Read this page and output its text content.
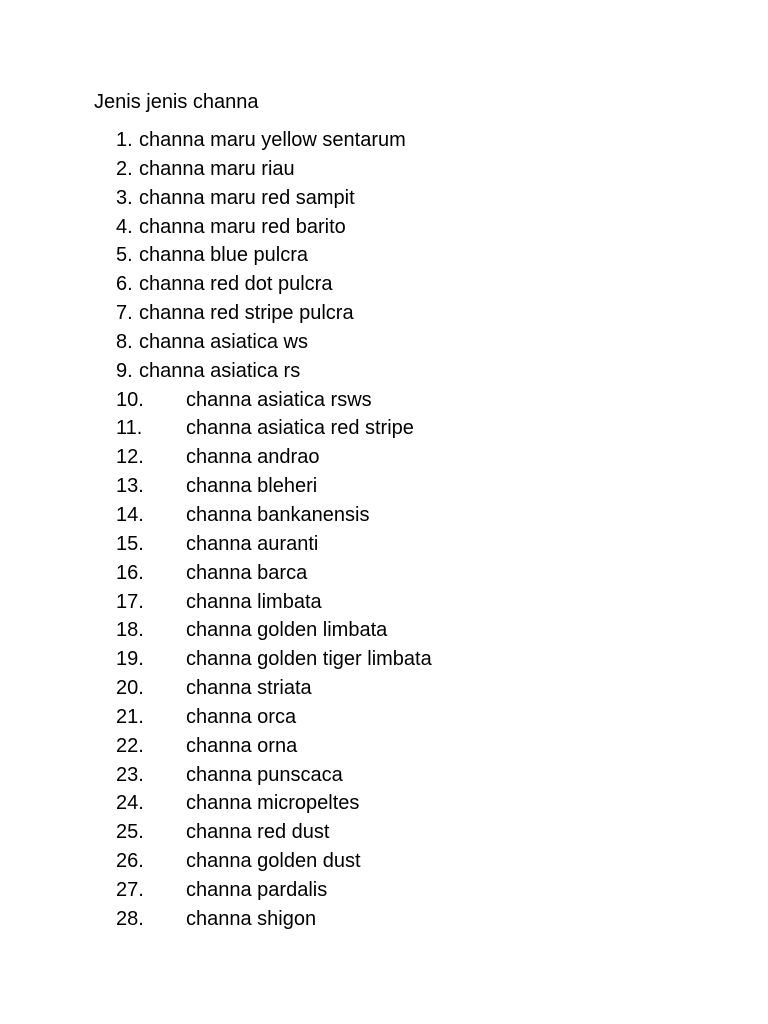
Jenis jenis channa
1. channa maru yellow sentarum
2. channa maru riau
3. channa maru red sampit
4. channa maru red barito
5. channa blue pulcra
6. channa red dot pulcra
7. channa red stripe pulcra
8. channa asiatica ws
9. channa asiatica rs
10. channa asiatica rsws
11. channa asiatica red stripe
12. channa andrao
13. channa bleheri
14. channa bankanensis
15. channa auranti
16. channa barca
17. channa limbata
18. channa golden limbata
19. channa golden tiger limbata
20. channa striata
21. channa orca
22. channa orna
23. channa punscaca
24. channa micropeltes
25. channa red dust
26. channa golden dust
27. channa pardalis
28. channa shigon
